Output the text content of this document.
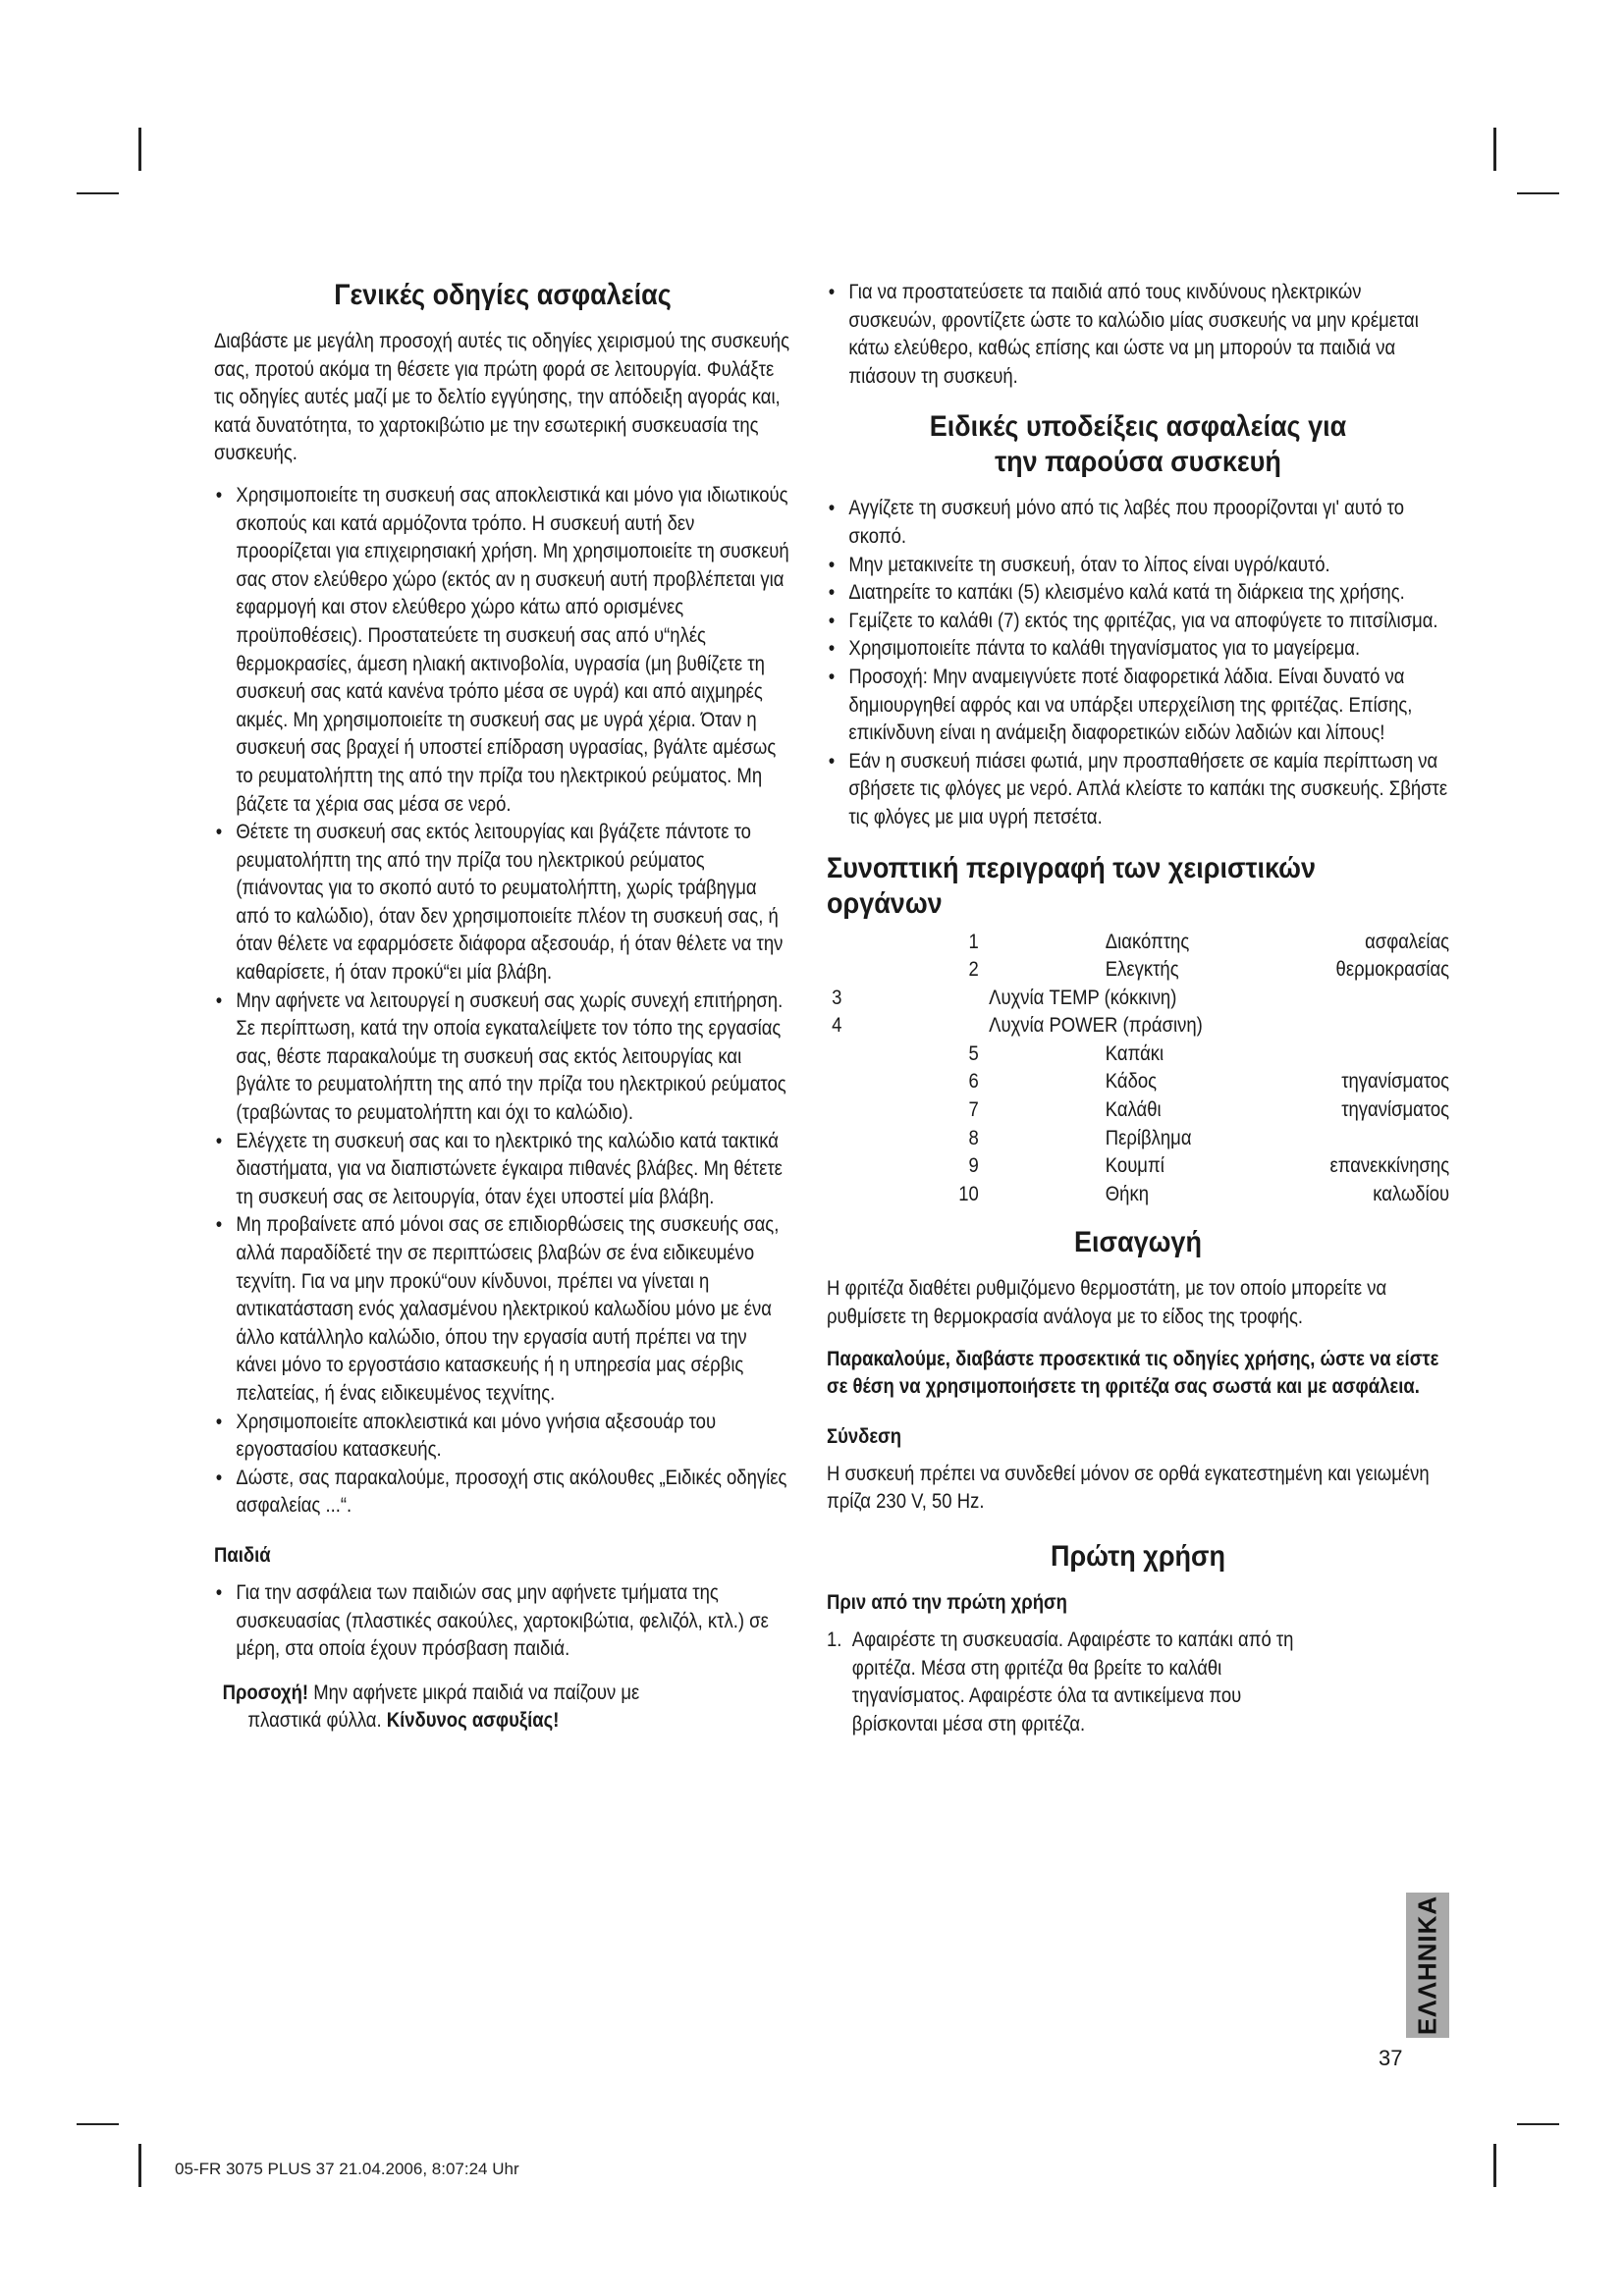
Γενικές οδηγίες ασφαλείας

Διαβάστε με μεγάλη προσοχή αυτές τις οδηγίες χειρισμού της συσκευής σας, προτού ακόμα τη θέσετε για πρώτη φορά σε λειτουργία. Φυλάξτε τις οδηγίες αυτές μαζί με το δελτίο εγγύησης, την απόδειξη αγοράς και, κατά δυνατότητα, το χαρτοκιβώτιο με την εσωτερική συσκευασία της συσκευής.

• Χρησιμοποιείτε τη συσκευή σας αποκλειστικά και μόνο για ιδιωτικούς σκοπούς και κατά αρμόζοντα τρόπο. Η συσκευή αυτή δεν προορίζεται για επιχειρησιακή χρήση. Μη χρησιμοποιείτε τη συσκευή σας στον ελεύθερο χώρο (εκτός αν η συσκευή αυτή προβλέπεται για εφαρμογή και στον ελεύθερο χώρο κάτω από ορισμένες προϋποθέσεις). Προστατεύετε τη συσκευή σας από υ“ηλές θερμοκρασίες, άμεση ηλιακή ακτινοβολία, υγρασία (μη βυθίζετε τη συσκευή σας κατά κανένα τρόπο μέσα σε υγρά) και από αιχμηρές ακμές. Μη χρησιμοποιείτε τη συσκευή σας με υγρά χέρια. Όταν η συσκευή σας βραχεί ή υποστεί επίδραση υγρασίας, βγάλτε αμέσως το ρευματολήπτη της από την πρίζα του ηλεκτρικού ρεύματος. Μη βάζετε τα χέρια σας μέσα σε νερό.
• Θέτετε τη συσκευή σας εκτός λειτουργίας και βγάζετε πάντοτε το ρευματολήπτη της από την πρίζα του ηλεκτρικού ρεύματος (πιάνοντας για το σκοπό αυτό το ρευματολήπτη, χωρίς τράβηγμα από το καλώδιο), όταν δεν χρησιμοποιείτε πλέον τη συσκευή σας, ή όταν θέλετε να εφαρμόσετε διάφορα αξεσουάρ, ή όταν θέλετε να την καθαρίσετε, ή όταν προκύ“ει μία βλάβη.
• Μην αφήνετε να λειτουργεί η συσκευή σας χωρίς συνεχή επιτήρηση. Σε περίπτωση, κατά την οποία εγκαταλείψετε τον τόπο της εργασίας σας, θέστε παρακαλούμε τη συσκευή σας εκτός λειτουργίας και βγάλτε το ρευματολήπτη της από την πρίζα του ηλεκτρικού ρεύματος (τραβώντας το ρευματολήπτη και όχι το καλώδιο).
• Ελέγχετε τη συσκευή σας και το ηλεκτρικό της καλώδιο κατά τακτικά διαστήματα, για να διαπιστώνετε έγκαιρα πιθανές βλάβες. Μη θέτετε τη συσκευή σας σε λειτουργία, όταν έχει υποστεί μία βλάβη.
• Μη προβαίνετε από μόνοι σας σε επιδιορθώσεις της συσκευής σας, αλλά παραδίδετέ την σε περιπτώσεις βλαβών σε ένα ειδικευμένο τεχνίτη. Για να μην προκύ“ουν κίνδυνοι, πρέπει να γίνεται η αντικατάσταση ενός χαλασμένου ηλεκτρικού καλωδίου μόνο με ένα άλλο κατάλληλο καλώδιο, όπου την εργασία αυτή πρέπει να την κάνει μόνο το εργοστάσιο κατασκευής ή η υπηρεσία μας σέρβις πελατείας, ή ένας ειδικευμένος τεχνίτης.
• Χρησιμοποιείτε αποκλειστικά και μόνο γνήσια αξεσουάρ του εργοστασίου κατασκευής.
• Δώστε, σας παρακαλούμε, προσοχή στις ακόλουθες „Ειδικές οδηγίες ασφαλείας ...“.
Παιδιά
• Για την ασφάλεια των παιδιών σας μην αφήνετε τμήματα της συσκευασίας (πλαστικές σακούλες, χαρτοκιβώτια, φελιζόλ, κτλ.) σε μέρη, στα οποία έχουν πρόσβαση παιδιά.

Προσοχή! Μην αφήνετε μικρά παιδιά να παίζουν με

πλαστικά φύλλα. Κίνδυνος ασφυξίας!

• Για να προστατεύσετε τα παιδιά από τους κινδύνους ηλεκτρικών συσκευών, φροντίζετε ώστε το καλώδιο μίας συσκευής να μην κρέμεται κάτω ελεύθερο, καθώς επίσης και ώστε να μη μπορούν τα παιδιά να πιάσουν τη συσκευή.
Ειδικές υποδείξεις ασφαλείας για την παρούσα συσκευή
• Αγγίζετε τη συσκευή μόνο από τις λαβές που προορίζονται γι' αυτό το σκοπό.
• Μην μετακινείτε τη συσκευή, όταν το λίπος είναι υγρό/καυτό.
• Διατηρείτε το καπάκι (5) κλεισμένο καλά κατά τη διάρκεια της χρήσης.
• Γεμίζετε το καλάθι (7) εκτός της φριτέζας, για να αποφύγετε το πιτσίλισμα.
• Χρησιμοποιείτε πάντα το καλάθι τηγανίσματος για το μαγείρεμα.
• Προσοχή: Μην αναμειγνύετε ποτέ διαφορετικά λάδια. Είναι δυνατό να δημιουργηθεί αφρός και να υπάρξει υπερχείλιση της φριτέζας. Επίσης, επικίνδυνη είναι η ανάμειξη διαφορετικών ειδών λαδιών και λίπους!
• Εάν η συσκευή πιάσει φωτιά, μην προσπαθήσετε σε καμία περίπτωση να σβήσετε τις φλόγες με νερό. Απλά κλείστε το καπάκι της συσκευής. Σβήστε τις φλόγες με μια υγρή πετσέτα.
Συνοπτική περιγραφή των χειριστικών οργάνων
1	Διακόπτης	ασφαλείας
2	Ελεγκτής	θερμοκρασίας
3	Λυχνία TEMP (κόκκινη)	
4	Λυχνία POWER (πράσινη)	
5	Καπάκι	
6	Κάδος	τηγανίσματος
7	Καλάθι	τηγανίσματος
8	Περίβλημα	
9	Κουμπί	επανεκκίνησης
10	Θήκη	καλωδίου
Εισαγωγή

Η φριτέζα διαθέτει ρυθμιζόμενο θερμοστάτη, με τον οποίο μπορείτε να ρυθμίσετε τη θερμοκρασία ανάλογα με το είδος της τροφής.

Παρακαλούμε, διαβάστε προσεκτικά τις οδηγίες χρήσης, ώστε να είστε σε θέση να χρησιμοποιήσετε τη φριτέζα σας σωστά και με ασφάλεια.

Σύνδεση

Η συσκευή πρέπει να συνδεθεί μόνον σε ορθά εγκατεστημένη και γειωμένη πρίζα 230 V, 50 Hz.

Πρώτη χρήση
Πριν από την πρώτη χρήση
1. Αφαιρέστε τη συσκευασία. Αφαιρέστε το καπάκι από τη φριτέζα. Μέσα στη φριτέζα θα βρείτε το καλάθι τηγανίσματος. Αφαιρέστε όλα τα αντικείμενα που βρίσκονται μέσα στη φριτέζα.
ΕΛΛΗΝΙΚΑ
37
05-FR 3075 PLUS 37 21.04.2006, 8:07:24 Uhr
